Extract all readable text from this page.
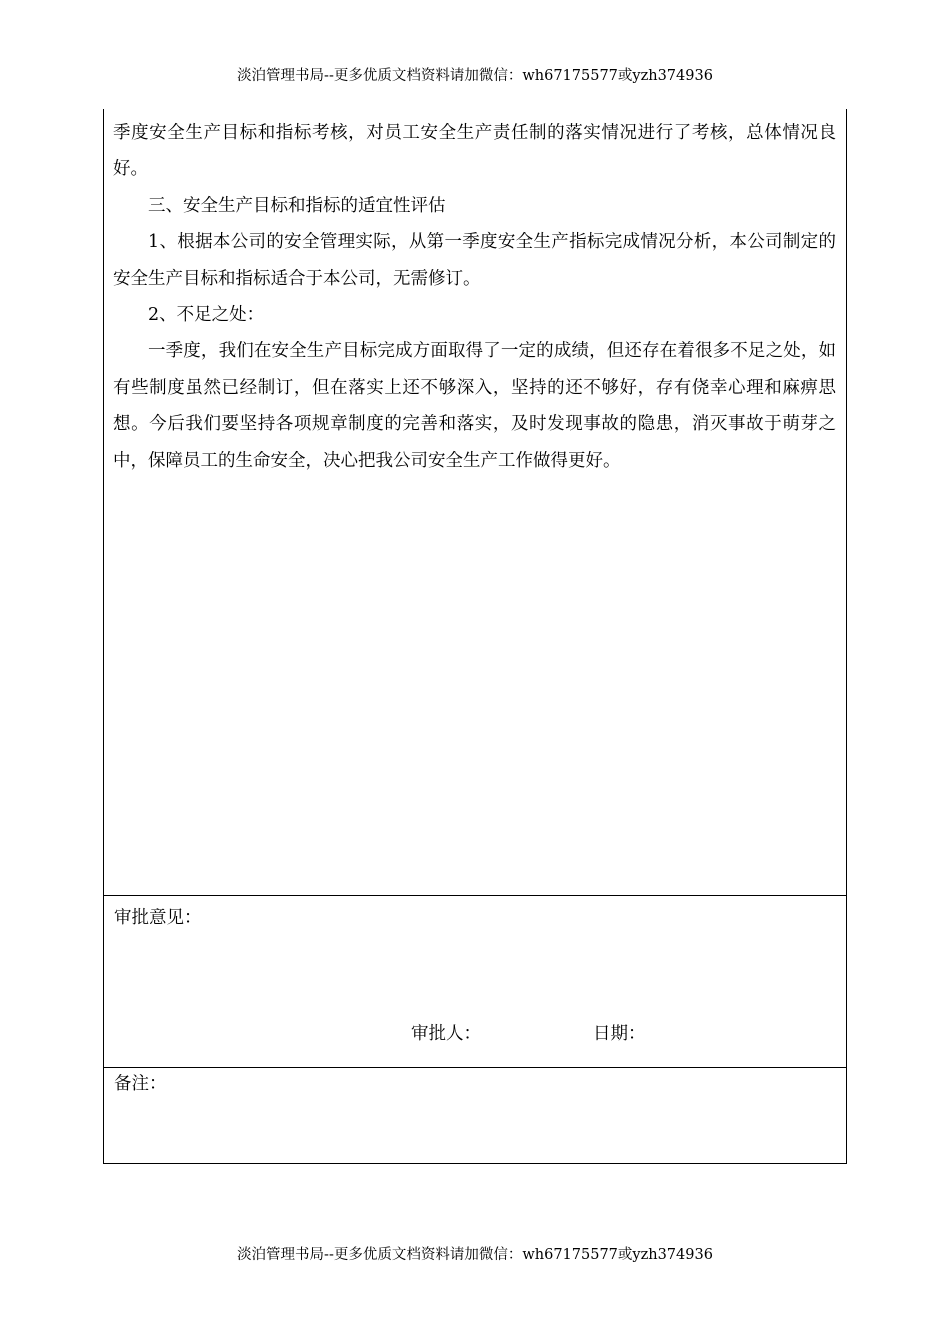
淡泊管理书局--更多优质文档资料请加微信：wh67175577或yzh374936

季度安全生产目标和指标考核，对员工安全生产责任制的落实情况进行了考核，总体情况良好。

三、安全生产目标和指标的适宜性评估

1、根据本公司的安全管理实际，从第一季度安全生产指标完成情况分析，本公司制定的安全生产目标和指标适合于本公司，无需修订。

2、不足之处：

一季度，我们在安全生产目标完成方面取得了一定的成绩，但还存在着很多不足之处，如有些制度虽然已经制订，但在落实上还不够深入，坚持的还不够好，存有侥幸心理和麻痹思想。今后我们要坚持各项规章制度的完善和落实，及时发现事故的隐患，消灭事故于萌芽之中，保障员工的生命安全，决心把我公司安全生产工作做得更好。

审批意见：
审批人：	日期：
备注：
淡泊管理书局--更多优质文档资料请加微信：wh67175577或yzh374936
